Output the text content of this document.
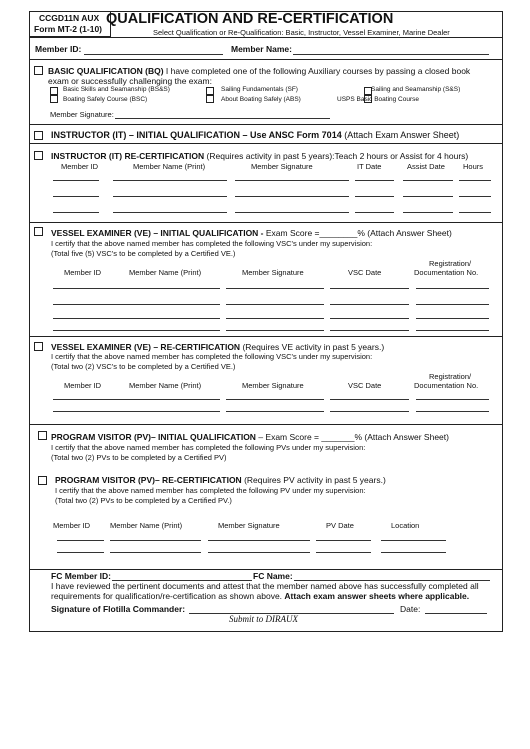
CCGD11N AUX
Form MT-2 (1-10)
QUALIFICATION AND RE-CERTIFICATION
Select Qualification or Re-Qualification: Basic, Instructor, Vessel Examiner, Marine Dealer
Member ID:	Member Name:
BASIC QUALIFICATION (BQ) I have completed one of the following Auxiliary courses by passing a closed book
exam or successfully challenging the exam:
Basic Skills and Seamanship (BS&S)	Sailing Fundamentals (SF)	Sailing and Seamanship (S&S)
Boating Safely Course (BSC)	About Boating Safely (ABS)	USPS Basic Boating Course
Member Signature:
INSTRUCTOR (IT) – INITIAL QUALIFICATION – Use ANSC Form 7014 (Attach Exam Answer Sheet)
INSTRUCTOR (IT) RE-CERTIFICATION (Requires activity in past 5 years):Teach 2 hours or Assist for 4 hours)
Member ID	Member Name (Print)	Member Signature	IT Date	Assist Date Hours
VESSEL EXAMINER (VE) – INITIAL QUALIFICATION - Exam Score =________% (Attach Answer Sheet)
I certify that the above named member has completed the following VSC's under my supervision:
(Total five (5) VSC's to be completed by a Certified VE.)
Registration/
Member ID	Member Name (Print)	Member Signature	VSC Date	Documentation No.
VESSEL EXAMINER (VE) – RE-CERTIFICATION (Requires VE activity in past 5 years.)
I certify that the above named member has completed the following VSC's under my supervision:
(Total two (2) VSC's to be completed by a Certified VE.)
Registration/
Member ID	Member Name (Print)	Member Signature	VSC Date	Documentation No.
PROGRAM VISITOR (PV)– INITIAL QUALIFICATION – Exam Score = _______% (Attach Answer Sheet)
I certify that the above named member has completed the following PVs under my supervision:
(Total two (2) PVs to be completed by a Certified PV)
PROGRAM VISITOR (PV)– RE-CERTIFICATION (Requires PV activity in past 5 years.)
I certify that the above named member has completed the following PV under my supervision:
(Total two (2) PVs to be completed by a Certified PV.)
Member ID	Member Name (Print)	Member Signature	PV Date	Location
FC Member ID:	FC Name:
I have reviewed the pertinent documents and attest that the member named above has successfully completed all
requirements for qualification/re-certification as shown above. Attach exam answer sheets where applicable.
Signature of Flotilla Commander:	Date:
Submit to DIRAUX
